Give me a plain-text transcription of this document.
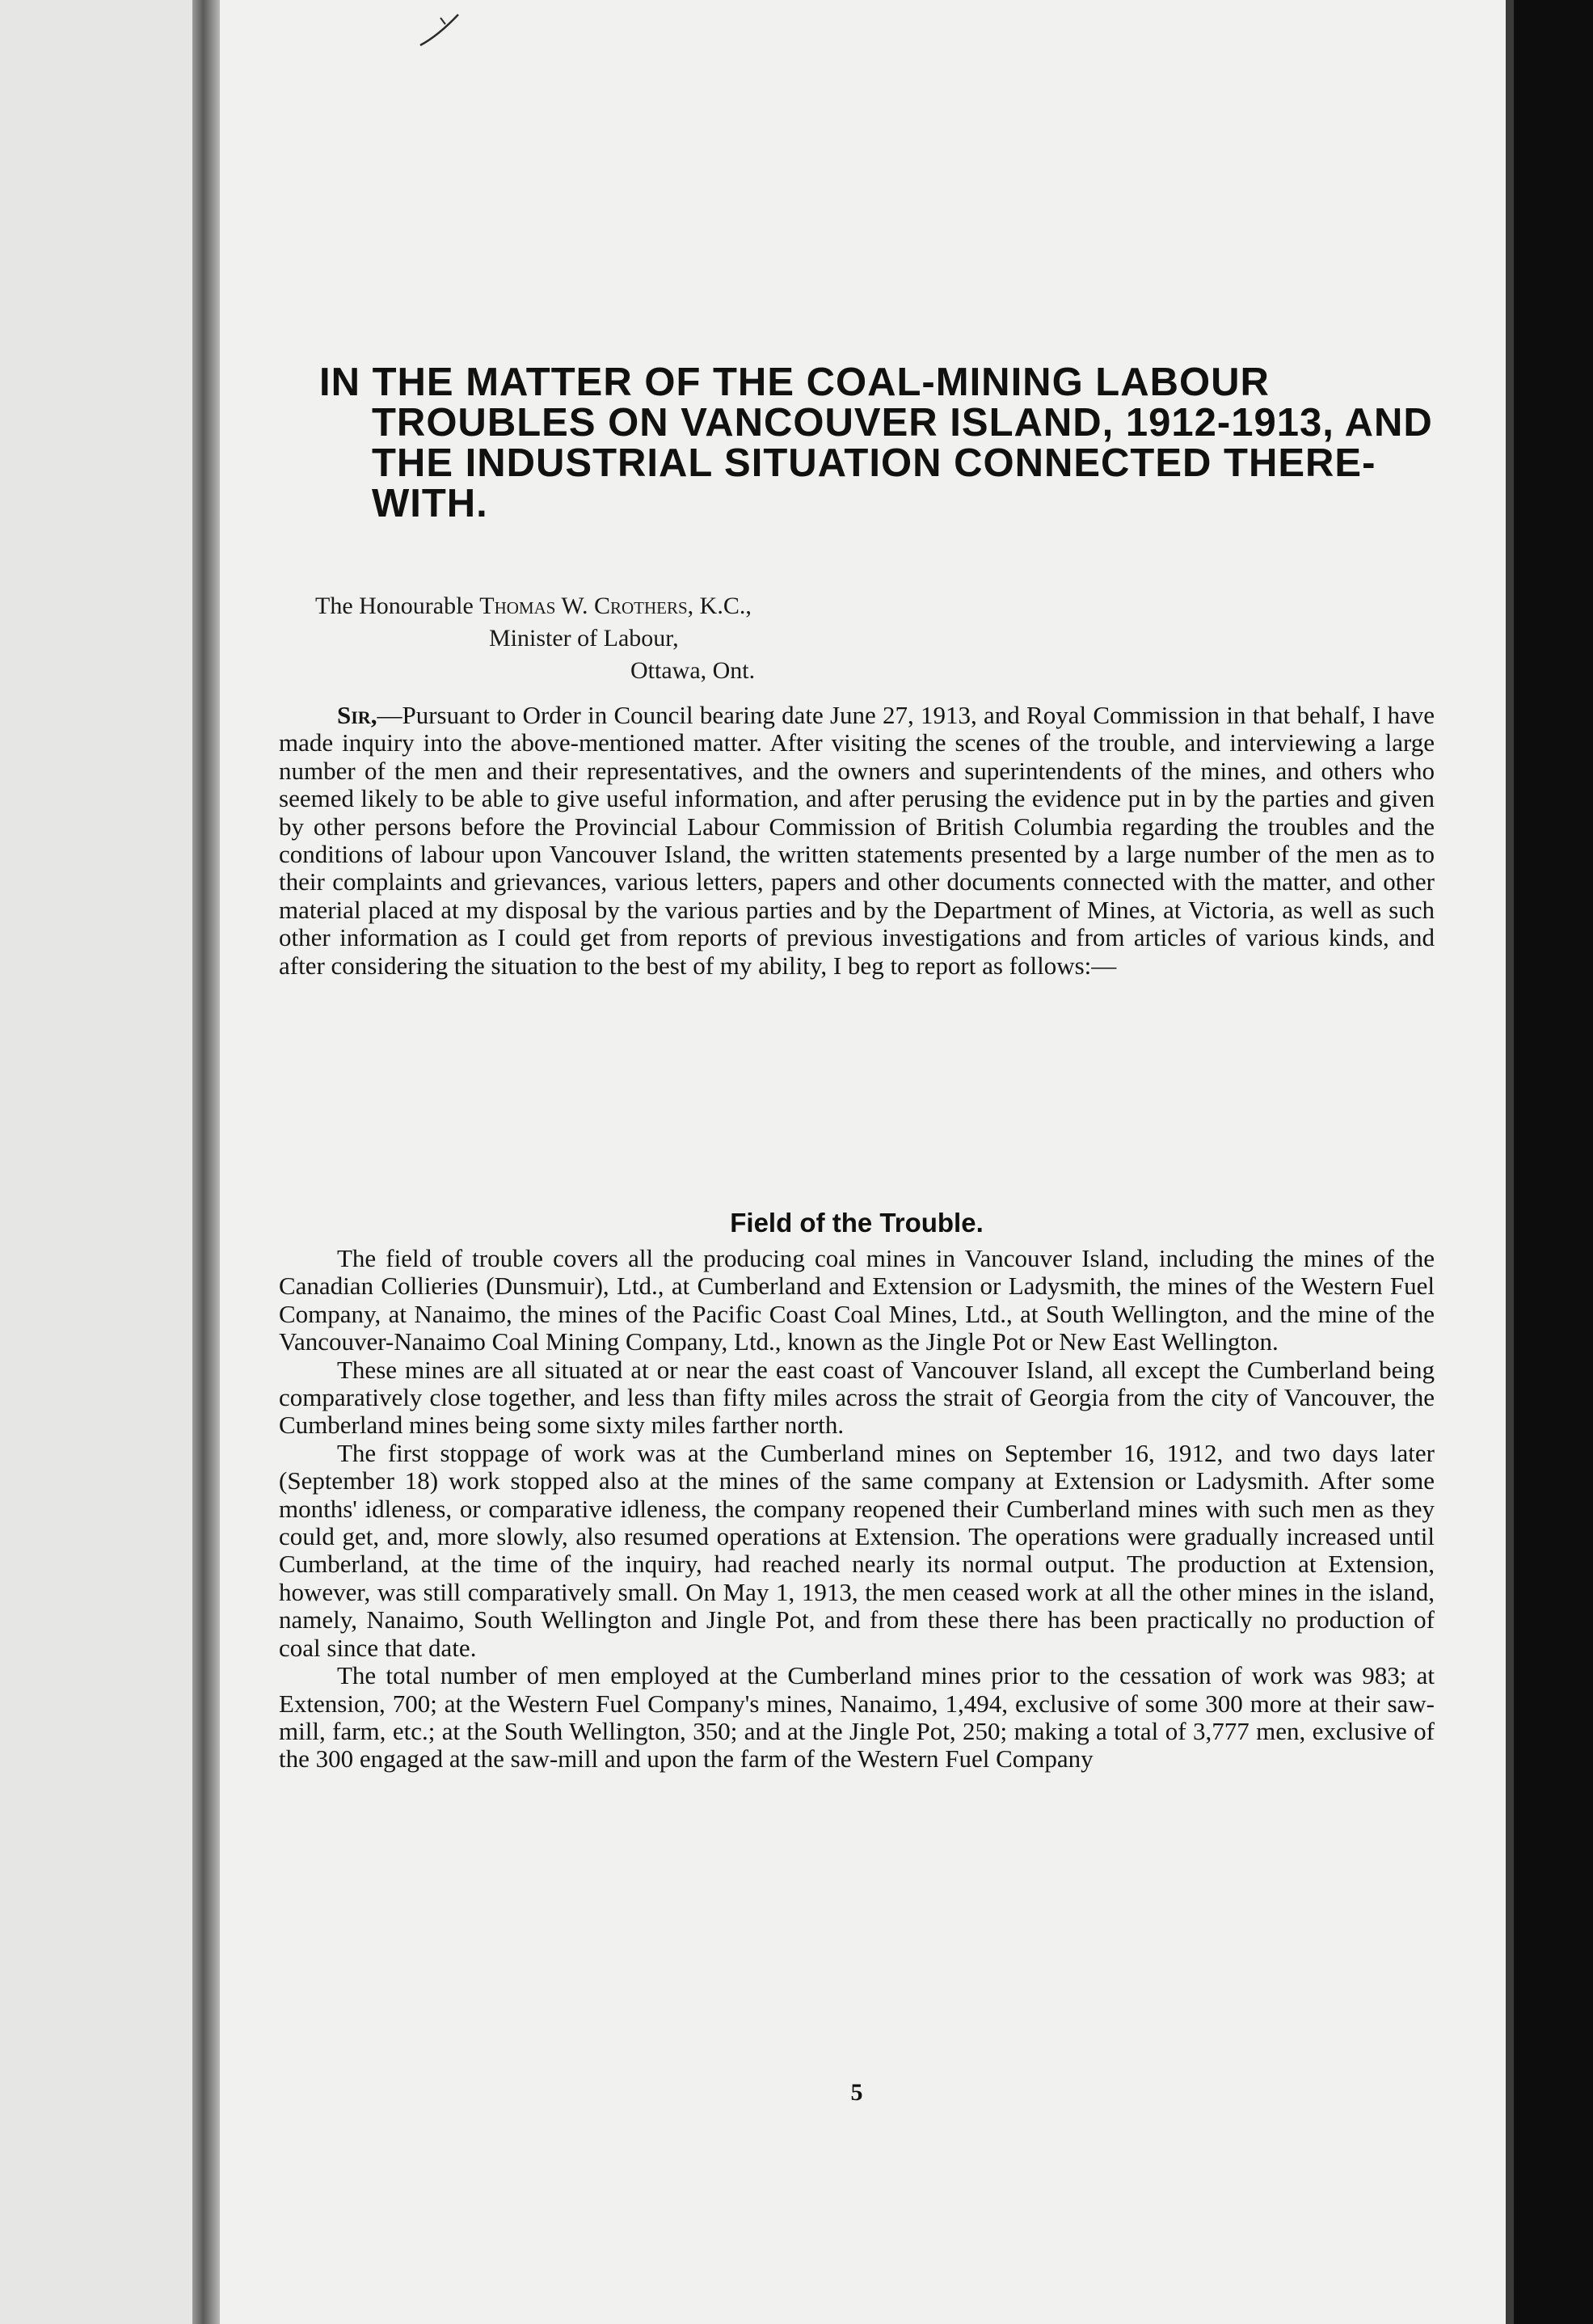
IN THE MATTER OF THE COAL-MINING LABOUR
TROUBLES ON VANCOUVER ISLAND, 1912-1913, AND
THE INDUSTRIAL SITUATION CONNECTED THERE-
WITH.
The Honourable Thomas W. Crothers, K.C.,
Minister of Labour,
Ottawa, Ont.

Sir,—Pursuant to Order in Council bearing date June 27, 1913, and Royal Commission in that behalf, I have made inquiry into the above-mentioned matter. After visiting the scenes of the trouble, and interviewing a large number of the men and their representatives, and the owners and superintendents of the mines, and others who seemed likely to be able to give useful information, and after perusing the evidence put in by the parties and given by other persons before the Provincial Labour Commission of British Columbia regarding the troubles and the conditions of labour upon Vancouver Island, the written statements presented by a large number of the men as to their complaints and grievances, various letters, papers and other documents connected with the matter, and other material placed at my disposal by the various parties and by the Department of Mines, at Victoria, as well as such other information as I could get from reports of previous investigations and from articles of various kinds, and after considering the situation to the best of my ability, I beg to report as follows:—

Field of the Trouble.

The field of trouble covers all the producing coal mines in Vancouver Island, including the mines of the Canadian Collieries (Dunsmuir), Ltd., at Cumberland and Extension or Ladysmith, the mines of the Western Fuel Company, at Nanaimo, the mines of the Pacific Coast Coal Mines, Ltd., at South Wellington, and the mine of the Vancouver-Nanaimo Coal Mining Company, Ltd., known as the Jingle Pot or New East Wellington.

These mines are all situated at or near the east coast of Vancouver Island, all except the Cumberland being comparatively close together, and less than fifty miles across the strait of Georgia from the city of Vancouver, the Cumberland mines being some sixty miles farther north.

The first stoppage of work was at the Cumberland mines on September 16, 1912, and two days later (September 18) work stopped also at the mines of the same company at Extension or Ladysmith. After some months' idleness, or comparative idleness, the company reopened their Cumberland mines with such men as they could get, and, more slowly, also resumed operations at Extension. The operations were gradually increased until Cumberland, at the time of the inquiry, had reached nearly its normal output. The production at Extension, however, was still comparatively small. On May 1, 1913, the men ceased work at all the other mines in the island, namely, Nanaimo, South Wellington and Jingle Pot, and from these there has been practically no production of coal since that date.

The total number of men employed at the Cumberland mines prior to the cessation of work was 983; at Extension, 700; at the Western Fuel Company's mines, Nanaimo, 1,494, exclusive of some 300 more at their saw-mill, farm, etc.; at the South Wellington, 350; and at the Jingle Pot, 250; making a total of 3,777 men, exclusive of the 300 engaged at the saw-mill and upon the farm of the Western Fuel Company

5
